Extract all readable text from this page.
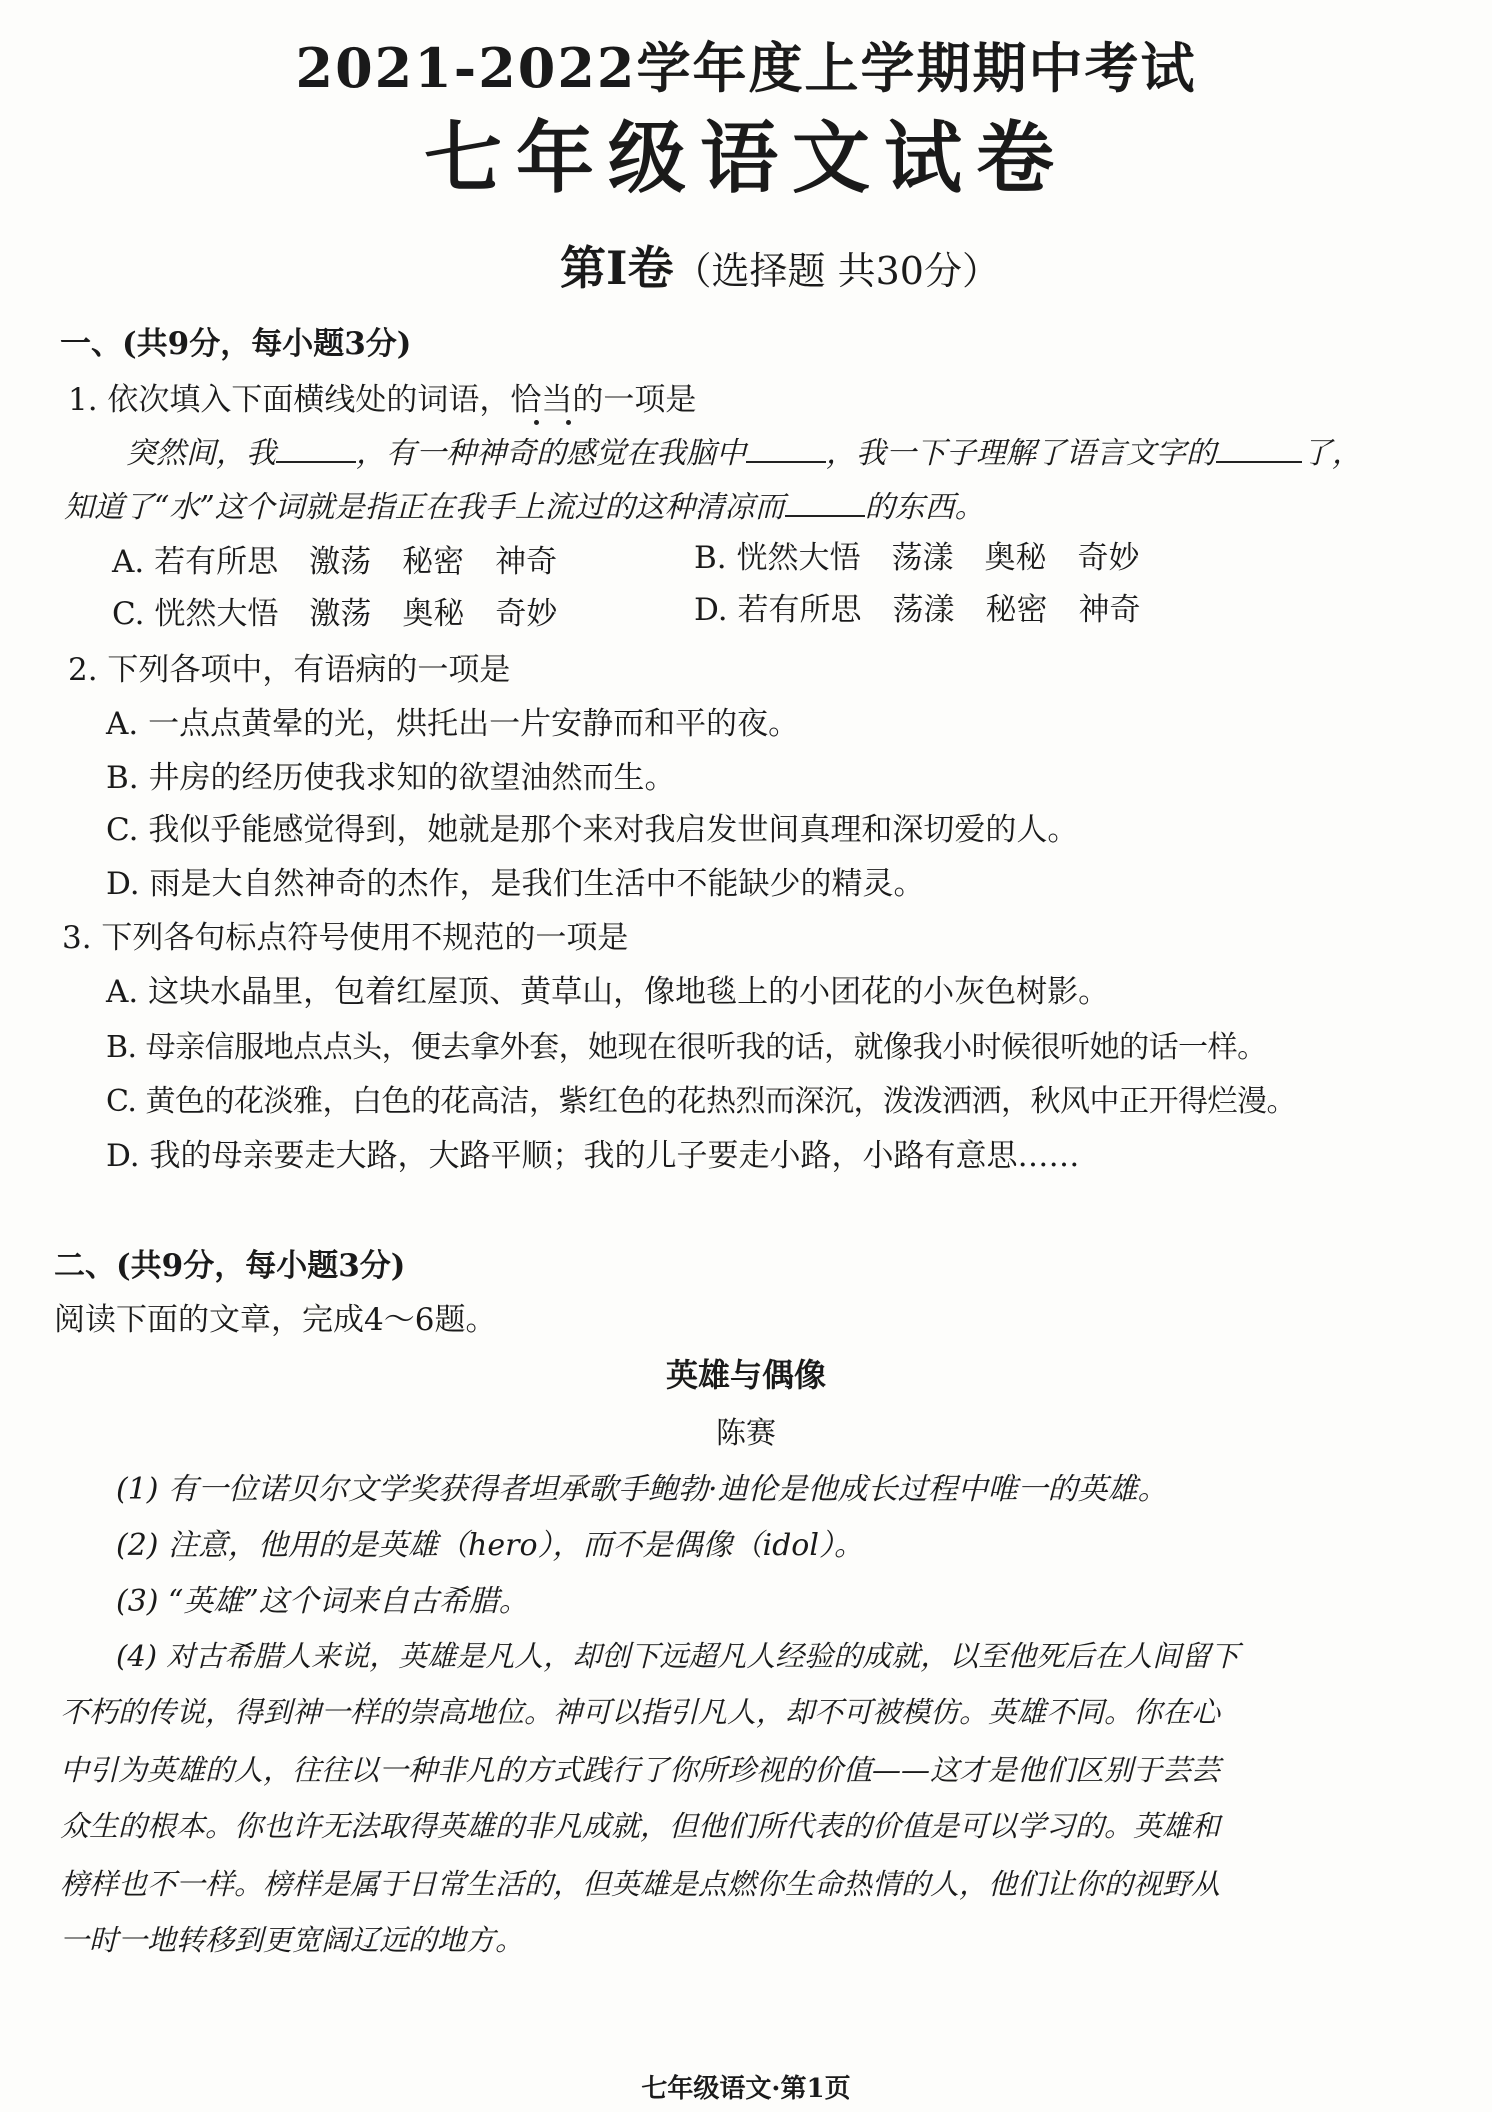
2021-2022学年度上学期期中考试
七年级语文试卷
第Ⅰ卷（选择题 共30分）
一、(共9分，每小题3分)
1. 依次填入下面横线处的词语，恰当的一项是
突然间，我	，有一种神奇的感觉在我脑中	，我一下子理解了语言文字的	了，
知道了“水”这个词就是指正在我手上流过的这种清凉而	的东西。
A. 若有所思　激荡　秘密　神奇	B. 恍然大悟　荡漾　奥秘　奇妙
C. 恍然大悟　激荡　奥秘　奇妙	D. 若有所思　荡漾　秘密　神奇
2. 下列各项中，有语病的一项是
A. 一点点黄晕的光，烘托出一片安静而和平的夜。
B. 井房的经历使我求知的欲望油然而生。
C. 我似乎能感觉得到，她就是那个来对我启发世间真理和深切爱的人。
D. 雨是大自然神奇的杰作，是我们生活中不能缺少的精灵。
3. 下列各句标点符号使用不规范的一项是
A. 这块水晶里，包着红屋顶、黄草山，像地毯上的小团花的小灰色树影。
B. 母亲信服地点点头，便去拿外套，她现在很听我的话，就像我小时候很听她的话一样。
C. 黄色的花淡雅，白色的花高洁，紫红色的花热烈而深沉，泼泼洒洒，秋风中正开得烂漫。
D. 我的母亲要走大路，大路平顺；我的儿子要走小路，小路有意思……
二、(共9分，每小题3分)
阅读下面的文章，完成4～6题。
英雄与偶像
陈赛
(1) 有一位诺贝尔文学奖获得者坦承歌手鲍勃·迪伦是他成长过程中唯一的英雄。
(2) 注意，他用的是英雄（hero），而不是偶像（idol）。
(3) “英雄”这个词来自古希腊。
(4) 对古希腊人来说，英雄是凡人，却创下远超凡人经验的成就，以至他死后在人间留下
不朽的传说，得到神一样的崇高地位。神可以指引凡人，却不可被模仿。英雄不同。你在心
中引为英雄的人，往往以一种非凡的方式践行了你所珍视的价值——这才是他们区别于芸芸
众生的根本。你也许无法取得英雄的非凡成就，但他们所代表的价值是可以学习的。英雄和
榜样也不一样。榜样是属于日常生活的，但英雄是点燃你生命热情的人，他们让你的视野从
一时一地转移到更宽阔辽远的地方。
七年级语文·第1页
